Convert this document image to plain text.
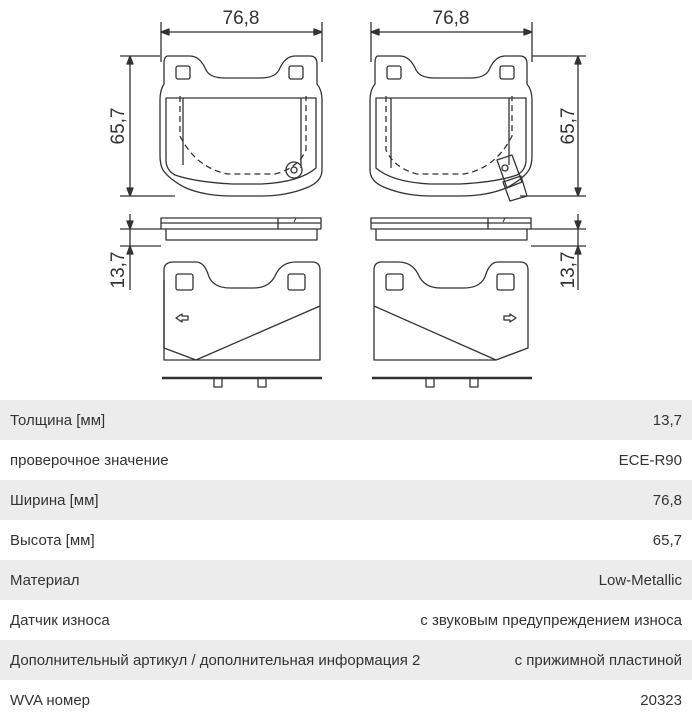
76,8
65,7
76,8
65,7
13,7	13,7
Толщина [мм]	13,7
проверочное значение	ECE-R90
Ширина [мм]	76,8
Высота [мм]	65,7
Материал	Low-Metallic
Датчик износа	с звуковым предупреждением износа
Дополнительный артикул / дополнительная информация 2	с прижимной пластиной
WVA номер	20323
